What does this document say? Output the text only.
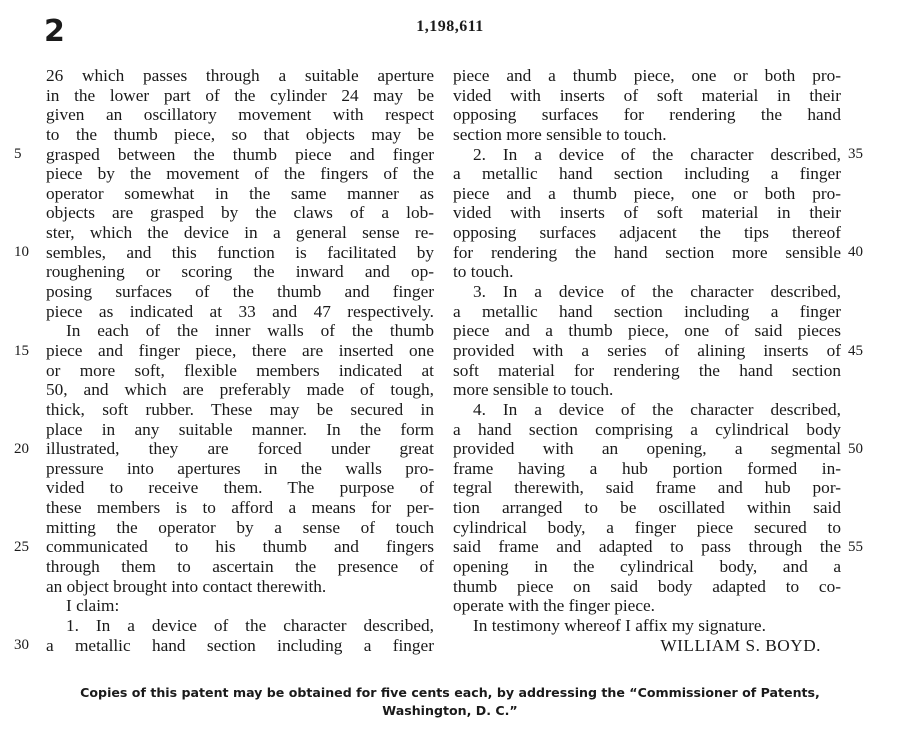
2	1,198,611
26 which passes through a suitable aperture
in the lower part of the cylinder 24 may be
given an oscillatory movement with respect
to the thumb piece, so that objects may be
grasped between the thumb piece and finger
piece by the movement of the fingers of the
operator somewhat in the same manner as
objects are grasped by the claws of a lob-
ster, which the device in a general sense re-
sembles, and this function is facilitated by
roughening or scoring the inward and op-
posing surfaces of the thumb and finger
piece as indicated at 33 and 47 respectively.
In each of the inner walls of the thumb
piece and finger piece, there are inserted one
or more soft, flexible members indicated at
50, and which are preferably made of tough,
thick, soft rubber. These may be secured in
place in any suitable manner. In the form
illustrated, they are forced under great
pressure into apertures in the walls pro-
vided to receive them. The purpose of
these members is to afford a means for per-
mitting the operator by a sense of touch
communicated to his thumb and fingers
through them to ascertain the presence of
an object brought into contact therewith.
I claim:
1. In a device of the character described,
a metallic hand section including a finger
piece and a thumb piece, one or both pro-
vided with inserts of soft material in their
opposing surfaces for rendering the hand
section more sensible to touch.
2. In a device of the character described,
a metallic hand section including a finger
piece and a thumb piece, one or both pro-
vided with inserts of soft material in their
opposing surfaces adjacent the tips thereof
for rendering the hand section more sensible
to touch.
3. In a device of the character described,
a metallic hand section including a finger
piece and a thumb piece, one of said pieces
provided with a series of alining inserts of
soft material for rendering the hand section
more sensible to touch.
4. In a device of the character described,
a hand section comprising a cylindrical body
provided with an opening, a segmental
frame having a hub portion formed in-
tegral therewith, said frame and hub por-
tion arranged to be oscillated within said
cylindrical body, a finger piece secured to
said frame and adapted to pass through the
opening in the cylindrical body, and a
thumb piece on said body adapted to co-
operate with the finger piece.
In testimony whereof I affix my signature.
WILLIAM S. BOYD.
5
10
15
20
25
30
35
40
45
50
55
Copies of this patent may be obtained for five cents each, by addressing the “Commissioner of Patents,
Washington, D. C.”
